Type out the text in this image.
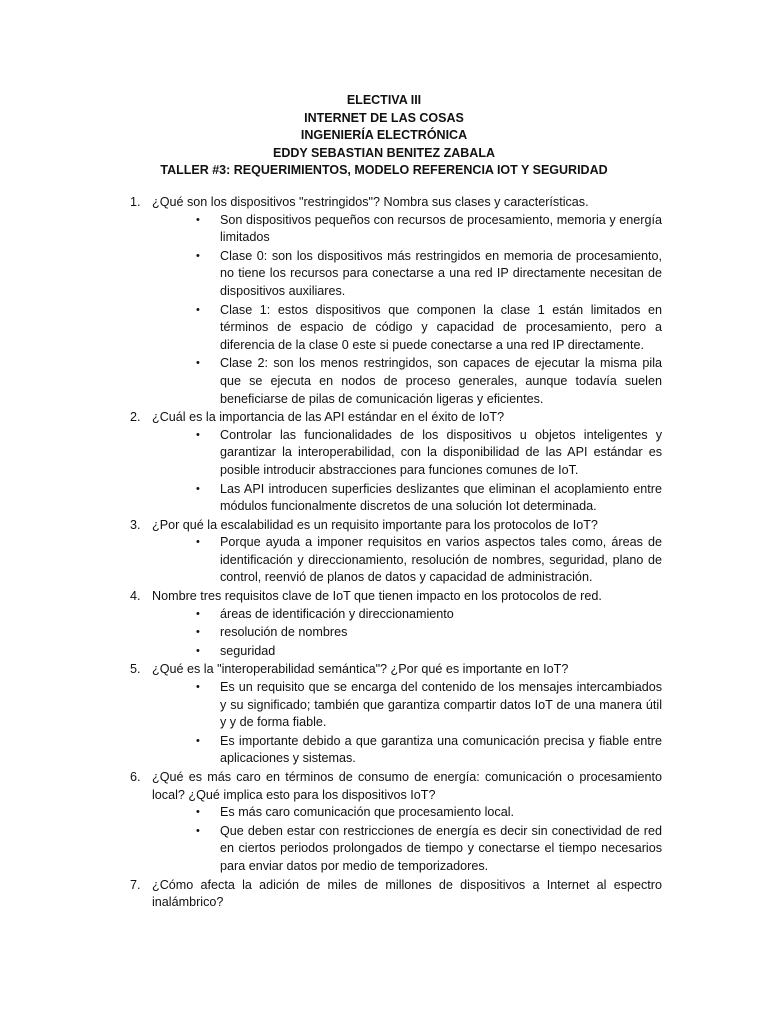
ELECTIVA III
INTERNET DE LAS COSAS
INGENIERÍA ELECTRÓNICA
EDDY SEBASTIAN BENITEZ ZABALA
TALLER #3: REQUERIMIENTOS, MODELO REFERENCIA IOT Y SEGURIDAD
1. ¿Qué son los dispositivos "restringidos"? Nombra sus clases y características.
• Son dispositivos pequeños con recursos de procesamiento, memoria y energía limitados
• Clase 0: son los dispositivos más restringidos en memoria de procesamiento, no tiene los recursos para conectarse a una red IP directamente necesitan de dispositivos auxiliares.
• Clase 1: estos dispositivos que componen la clase 1 están limitados en términos de espacio de código y capacidad de procesamiento, pero a diferencia de la clase 0 este si puede conectarse a una red IP directamente.
• Clase 2: son los menos restringidos, son capaces de ejecutar la misma pila que se ejecuta en nodos de proceso generales, aunque todavía suelen beneficiarse de pilas de comunicación ligeras y eficientes.
2. ¿Cuál es la importancia de las API estándar en el éxito de IoT?
• Controlar las funcionalidades de los dispositivos u objetos inteligentes y garantizar la interoperabilidad, con la disponibilidad de las API estándar es posible introducir abstracciones para funciones comunes de IoT.
• Las API introducen superficies deslizantes que eliminan el acoplamiento entre módulos funcionalmente discretos de una solución Iot determinada.
3. ¿Por qué la escalabilidad es un requisito importante para los protocolos de IoT?
• Porque ayuda a imponer requisitos en varios aspectos tales como, áreas de identificación y direccionamiento, resolución de nombres, seguridad, plano de control, reenvió de planos de datos y capacidad de administración.
4. Nombre tres requisitos clave de IoT que tienen impacto en los protocolos de red.
• áreas de identificación y direccionamiento
• resolución de nombres
• seguridad
5. ¿Qué es la "interoperabilidad semántica"? ¿Por qué es importante en IoT?
• Es un requisito que se encarga del contenido de los mensajes intercambiados y su significado; también que garantiza compartir datos IoT de una manera útil y y de forma fiable.
• Es importante debido a que garantiza una comunicación precisa y fiable entre aplicaciones y sistemas.
6. ¿Qué es más caro en términos de consumo de energía: comunicación o procesamiento local? ¿Qué implica esto para los dispositivos IoT?
• Es más caro comunicación que procesamiento local.
• Que deben estar con restricciones de energía es decir sin conectividad de red en ciertos periodos prolongados de tiempo y conectarse el tiempo necesarios para enviar datos por medio de temporizadores.
7. ¿Cómo afecta la adición de miles de millones de dispositivos a Internet al espectro inalámbrico?
